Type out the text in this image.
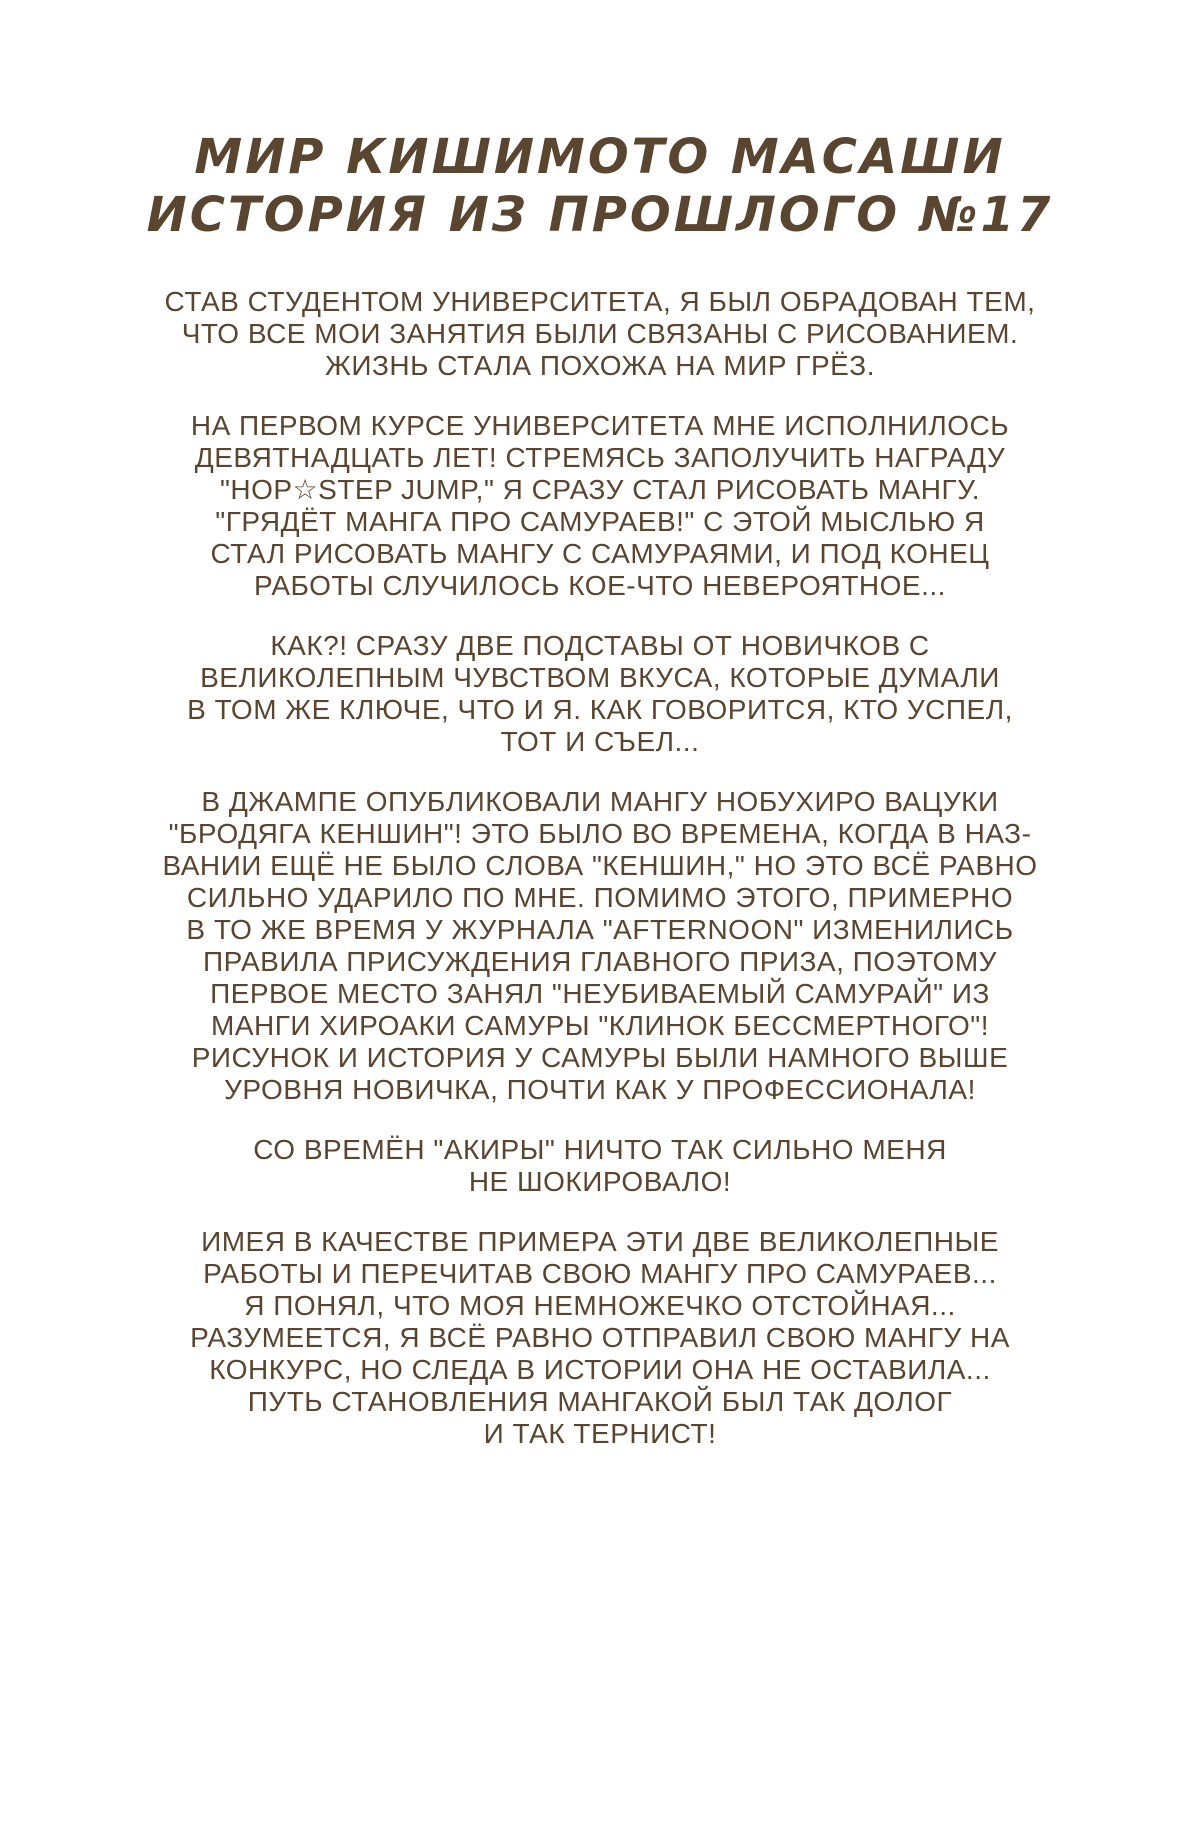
МИР КИШИМОТО МАСАШИ
ИСТОРИЯ ИЗ ПРОШЛОГО №17
СТАВ СТУДЕНТОМ УНИВЕРСИТЕТА, Я БЫЛ ОБРАДОВАН ТЕМ,
ЧТО ВСЕ МОИ ЗАНЯТИЯ БЫЛИ СВЯЗАНЫ С РИСОВАНИЕМ.
ЖИЗНЬ СТАЛА ПОХОЖА НА МИР ГРЁЗ.
НА ПЕРВОМ КУРСЕ УНИВЕРСИТЕТА МНЕ ИСПОЛНИЛОСЬ
ДЕВЯТНАДЦАТЬ ЛЕТ! СТРЕМЯСЬ ЗАПОЛУЧИТЬ НАГРАДУ
"HOP☆STEP JUMP," Я СРАЗУ СТАЛ РИСОВАТЬ МАНГУ.
"ГРЯДЁТ МАНГА ПРО САМУРАЕВ!" С ЭТОЙ МЫСЛЬЮ Я
СТАЛ РИСОВАТЬ МАНГУ С САМУРАЯМИ, И ПОД КОНЕЦ
РАБОТЫ СЛУЧИЛОСЬ КОЕ-ЧТО НЕВЕРОЯТНОЕ...
КАК?! СРАЗУ ДВЕ ПОДСТАВЫ ОТ НОВИЧКОВ С
ВЕЛИКОЛЕПНЫМ ЧУВСТВОМ ВКУСА, КОТОРЫЕ ДУМАЛИ
В ТОМ ЖЕ КЛЮЧЕ, ЧТО И Я. КАК ГОВОРИТСЯ, КТО УСПЕЛ,
ТОТ И СЪЕЛ...
В ДЖАМПЕ ОПУБЛИКОВАЛИ МАНГУ НОБУХИРО ВАЦУКИ
"БРОДЯГА КЕНШИН"! ЭТО БЫЛО ВО ВРЕМЕНА, КОГДА В НАЗ-
ВАНИИ ЕЩЁ НЕ БЫЛО СЛОВА "КЕНШИН," НО ЭТО ВСЁ РАВНО
СИЛЬНО УДАРИЛО ПО МНЕ. ПОМИМО ЭТОГО, ПРИМЕРНО
В ТО ЖЕ ВРЕМЯ У ЖУРНАЛА "AFTERNOON" ИЗМЕНИЛИСЬ
ПРАВИЛА ПРИСУЖДЕНИЯ ГЛАВНОГО ПРИЗА, ПОЭТОМУ
ПЕРВОЕ МЕСТО ЗАНЯЛ "НЕУБИВАЕМЫЙ САМУРАЙ" ИЗ
МАНГИ ХИРОАКИ САМУРЫ "КЛИНОК БЕССМЕРТНОГО"!
РИСУНОК И ИСТОРИЯ У САМУРЫ БЫЛИ НАМНОГО ВЫШЕ
УРОВНЯ НОВИЧКА, ПОЧТИ КАК У ПРОФЕССИОНАЛА!
СО ВРЕМЁН "АКИРЫ" НИЧТО ТАК СИЛЬНО МЕНЯ
НЕ ШОКИРОВАЛО!
ИМЕЯ В КАЧЕСТВЕ ПРИМЕРА ЭТИ ДВЕ ВЕЛИКОЛЕПНЫЕ
РАБОТЫ И ПЕРЕЧИТАВ СВОЮ МАНГУ ПРО САМУРАЕВ...
Я ПОНЯЛ, ЧТО МОЯ НЕМНОЖЕЧКО ОТСТОЙНАЯ...
РАЗУМЕЕТСЯ, Я ВСЁ РАВНО ОТПРАВИЛ СВОЮ МАНГУ НА
КОНКУРС, НО СЛЕДА В ИСТОРИИ ОНА НЕ ОСТАВИЛА...
ПУТЬ СТАНОВЛЕНИЯ МАНГАКОЙ БЫЛ ТАК ДОЛОГ
И ТАК ТЕРНИСТ!
